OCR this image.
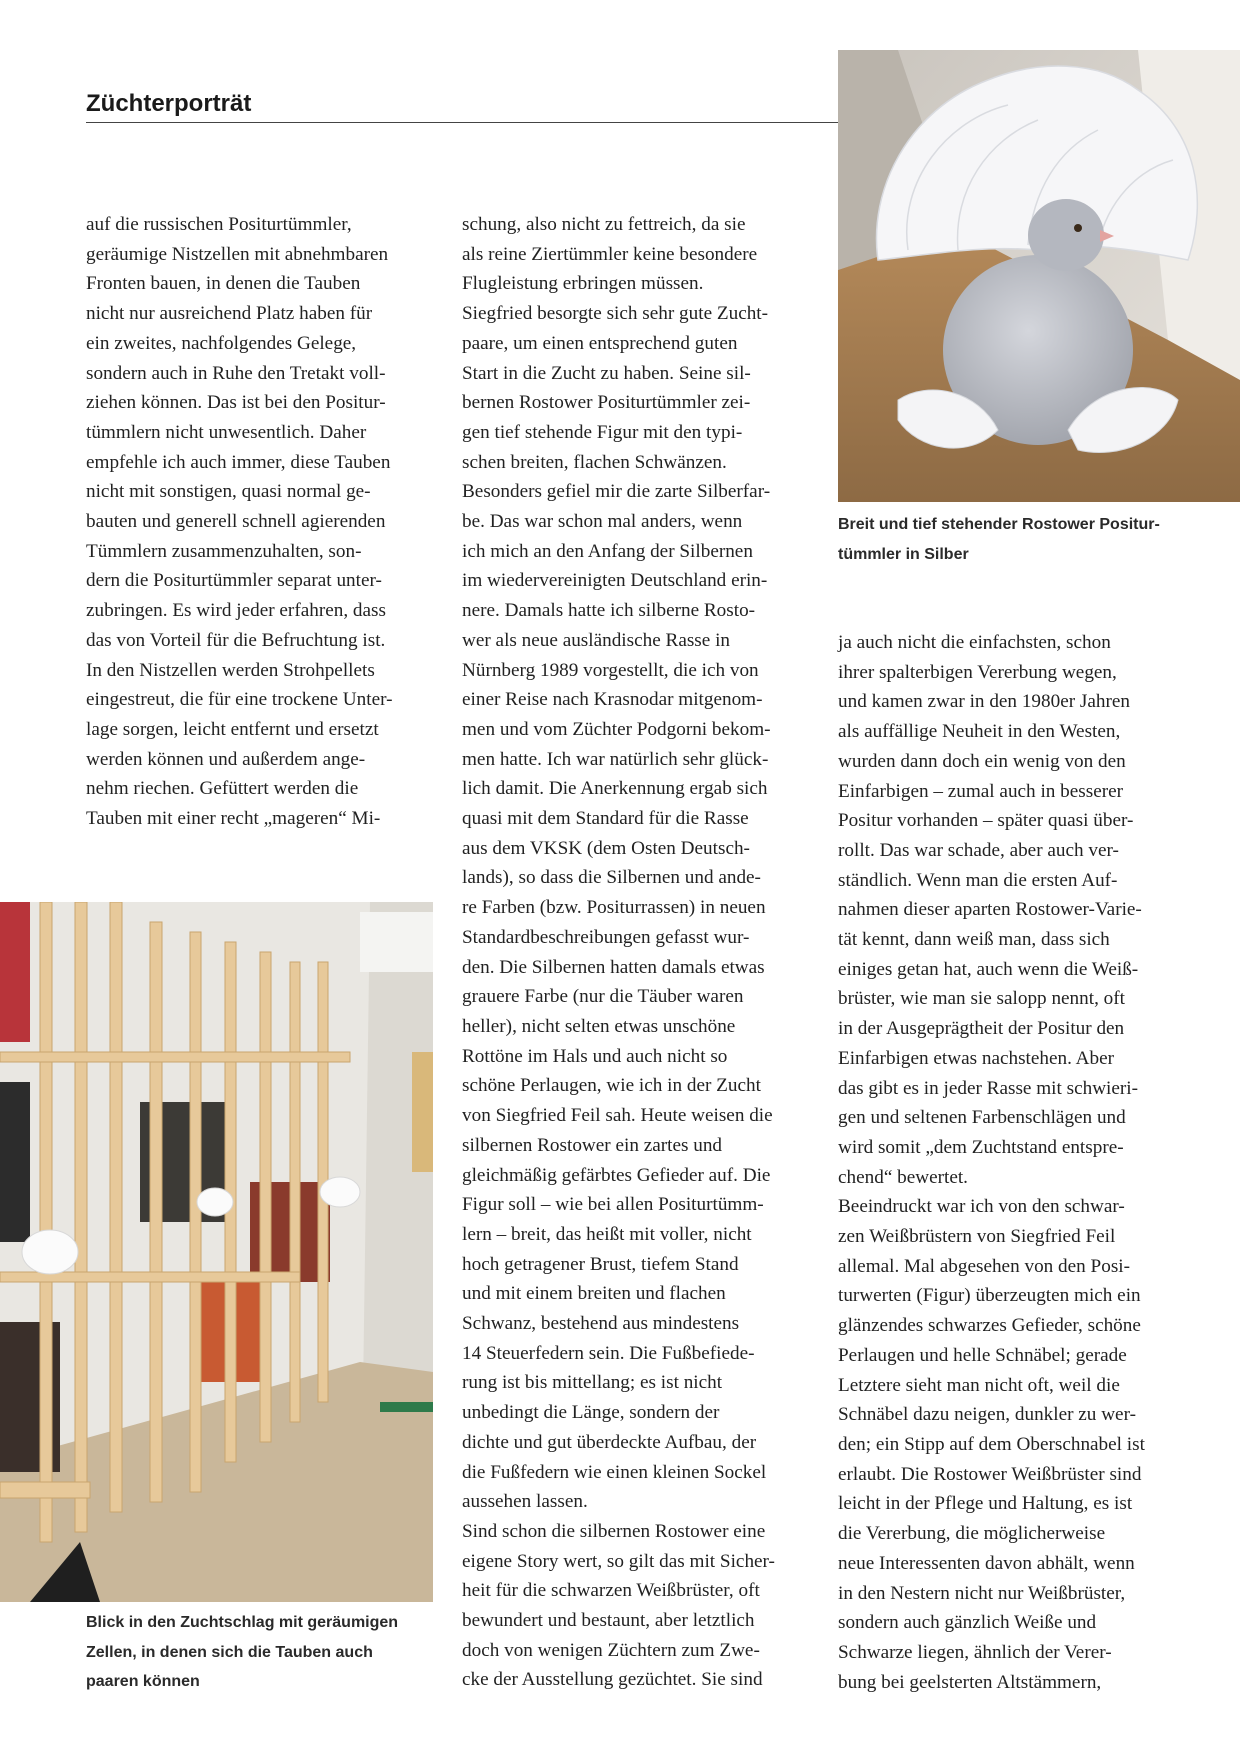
Züchterporträt
Breit und tief stehender Rostower Positur-
tümmler in Silber
Blick in den Zuchtschlag mit geräumigen
Zellen, in denen sich die Tauben auch
paaren können
auf die russischen Positurtümmler,
geräumige Nistzellen mit abnehmbaren
Fronten bauen, in denen die Tauben
nicht nur ausreichend Platz haben für
ein zweites, nachfolgendes Gelege,
sondern auch in Ruhe den Tretakt voll-
ziehen können. Das ist bei den Positur-
tümmlern nicht unwesentlich. Daher
empfehle ich auch immer, diese Tauben
nicht mit sonstigen, quasi normal ge-
bauten und generell schnell agierenden
Tümmlern zusammenzuhalten, son-
dern die Positurtümmler separat unter-
zubringen. Es wird jeder erfahren, dass
das von Vorteil für die Befruchtung ist.
In den Nistzellen werden Strohpellets
eingestreut, die für eine trockene Unter-
lage sorgen, leicht entfernt und ersetzt
werden können und außerdem ange-
nehm riechen. Gefüttert werden die
Tauben mit einer recht „mageren“ Mi-
schung, also nicht zu fettreich, da sie
als reine Ziertümmler keine besondere
Flugleistung erbringen müssen.
Siegfried besorgte sich sehr gute Zucht-
paare, um einen entsprechend guten
Start in die Zucht zu haben. Seine sil-
bernen Rostower Positurtümmler zei-
gen tief stehende Figur mit den typi-
schen breiten, flachen Schwänzen.
Besonders gefiel mir die zarte Silberfar-
be. Das war schon mal anders, wenn
ich mich an den Anfang der Silbernen
im wiedervereinigten Deutschland erin-
nere. Damals hatte ich silberne Rosto-
wer als neue ausländische Rasse in
Nürnberg 1989 vorgestellt, die ich von
einer Reise nach Krasnodar mitgenom-
men und vom Züchter Podgorni bekom-
men hatte. Ich war natürlich sehr glück-
lich damit. Die Anerkennung ergab sich
quasi mit dem Standard für die Rasse
aus dem VKSK (dem Osten Deutsch-
lands), so dass die Silbernen und ande-
re Farben (bzw. Positurrassen) in neuen
Standardbeschreibungen gefasst wur-
den. Die Silbernen hatten damals etwas
grauere Farbe (nur die Täuber waren
heller), nicht selten etwas unschöne
Rottöne im Hals und auch nicht so
schöne Perlaugen, wie ich in der Zucht
von Siegfried Feil sah. Heute weisen die
silbernen Rostower ein zartes und
gleichmäßig gefärbtes Gefieder auf. Die
Figur soll – wie bei allen Positurtümm-
lern – breit, das heißt mit voller, nicht
hoch getragener Brust, tiefem Stand
und mit einem breiten und flachen
Schwanz, bestehend aus mindestens
14 Steuerfedern sein. Die Fußbefiede-
rung ist bis mittellang; es ist nicht
unbedingt die Länge, sondern der
dichte und gut überdeckte Aufbau, der
die Fußfedern wie einen kleinen Sockel
aussehen lassen.
Sind schon die silbernen Rostower eine
eigene Story wert, so gilt das mit Sicher-
heit für die schwarzen Weißbrüster, oft
bewundert und bestaunt, aber letztlich
doch von wenigen Züchtern zum Zwe-
cke der Ausstellung gezüchtet. Sie sind
ja auch nicht die einfachsten, schon
ihrer spalterbigen Vererbung wegen,
und kamen zwar in den 1980er Jahren
als auffällige Neuheit in den Westen,
wurden dann doch ein wenig von den
Einfarbigen – zumal auch in besserer
Positur vorhanden – später quasi über-
rollt. Das war schade, aber auch ver-
ständlich. Wenn man die ersten Auf-
nahmen dieser aparten Rostower-Varie-
tät kennt, dann weiß man, dass sich
einiges getan hat, auch wenn die Weiß-
brüster, wie man sie salopp nennt, oft
in der Ausgeprägtheit der Positur den
Einfarbigen etwas nachstehen. Aber
das gibt es in jeder Rasse mit schwieri-
gen und seltenen Farbenschlägen und
wird somit „dem Zuchtstand entspre-
chend“ bewertet.
Beeindruckt war ich von den schwar-
zen Weißbrüstern von Siegfried Feil
allemal. Mal abgesehen von den Posi-
turwerten (Figur) überzeugten mich ein
glänzendes schwarzes Gefieder, schöne
Perlaugen und helle Schnäbel; gerade
Letztere sieht man nicht oft, weil die
Schnäbel dazu neigen, dunkler zu wer-
den; ein Stipp auf dem Oberschnabel ist
erlaubt. Die Rostower Weißbrüster sind
leicht in der Pflege und Haltung, es ist
die Vererbung, die möglicherweise
neue Interessenten davon abhält, wenn
in den Nestern nicht nur Weißbrüster,
sondern auch gänzlich Weiße und
Schwarze liegen, ähnlich der Verer-
bung bei geelsterten Altstämmern,
